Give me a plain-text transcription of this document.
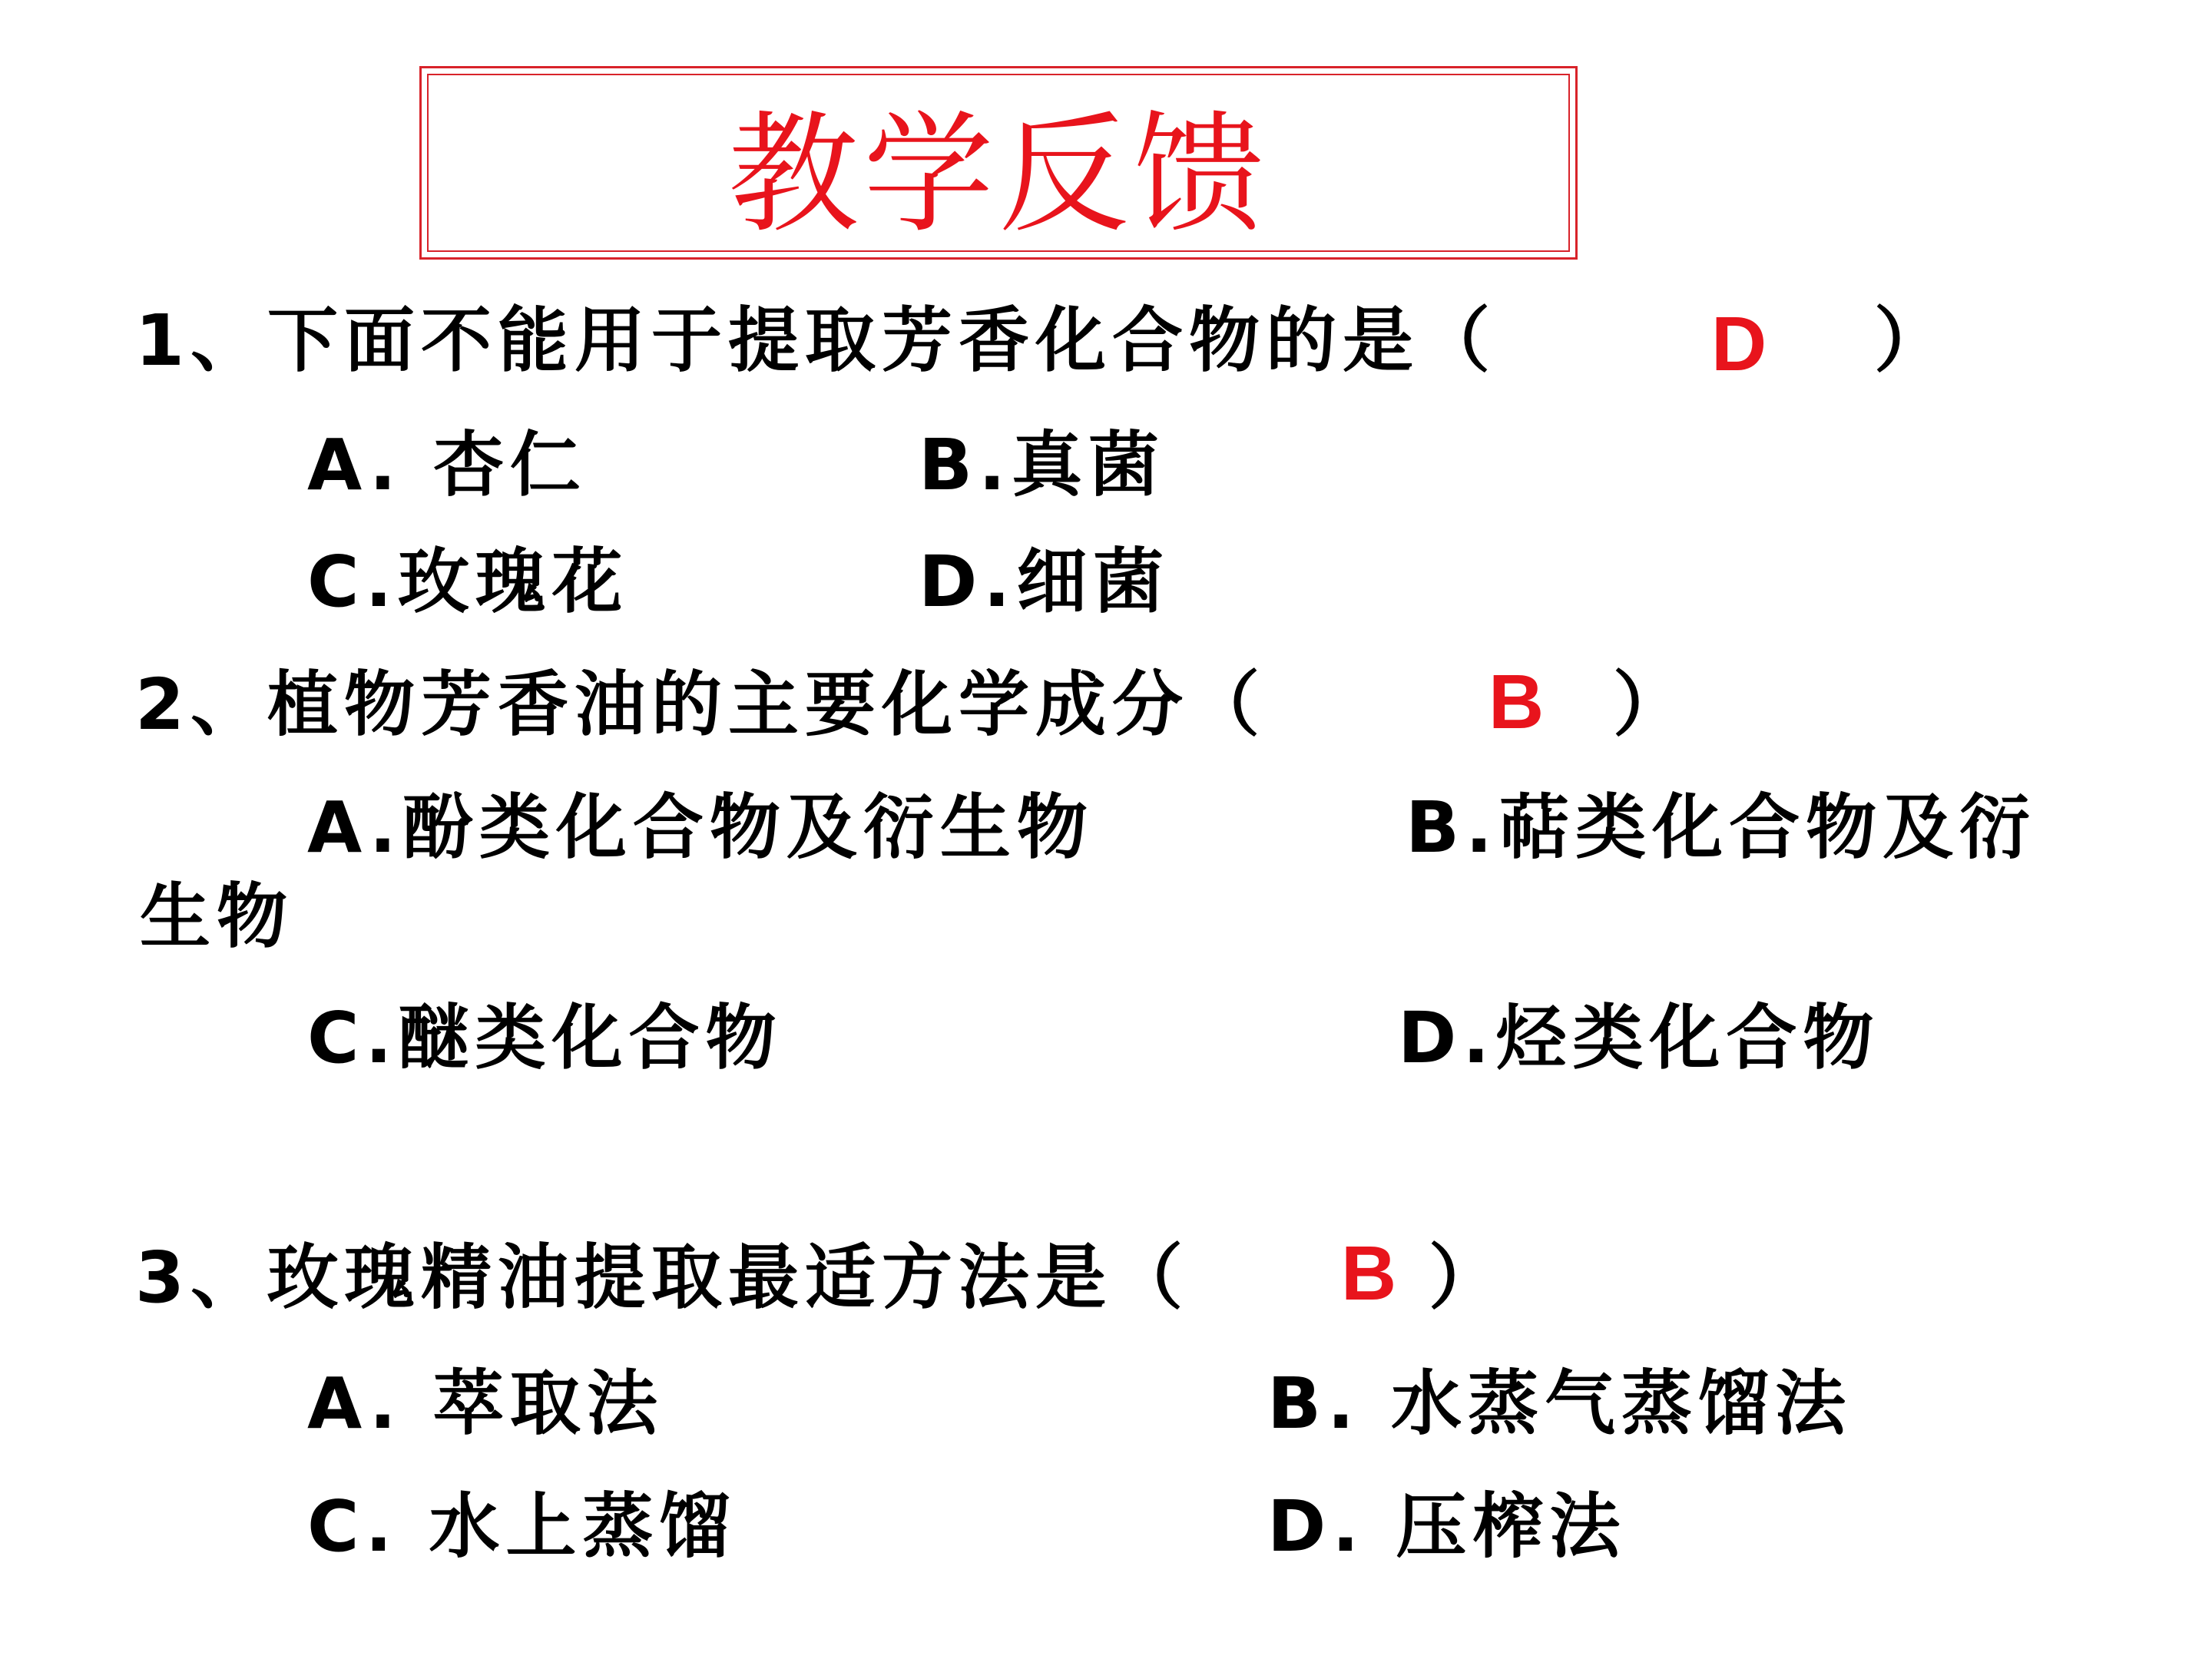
教学反馈
1、下面不能用于提取芳香化合物的是（	D ）
A. 杏仁	B.真菌
C.玫瑰花	D.细菌
2、植物芳香油的主要化学成分（	B ）
A.酚类化合物及衍生物	B.萜类化合物及衍
生物
C.醚类化合物	D.烃类化合物
3、玫瑰精油提取最适方法是（ B ）
A. 萃取法	B. 水蒸气蒸馏法
C. 水上蒸馏	D. 压榨法
